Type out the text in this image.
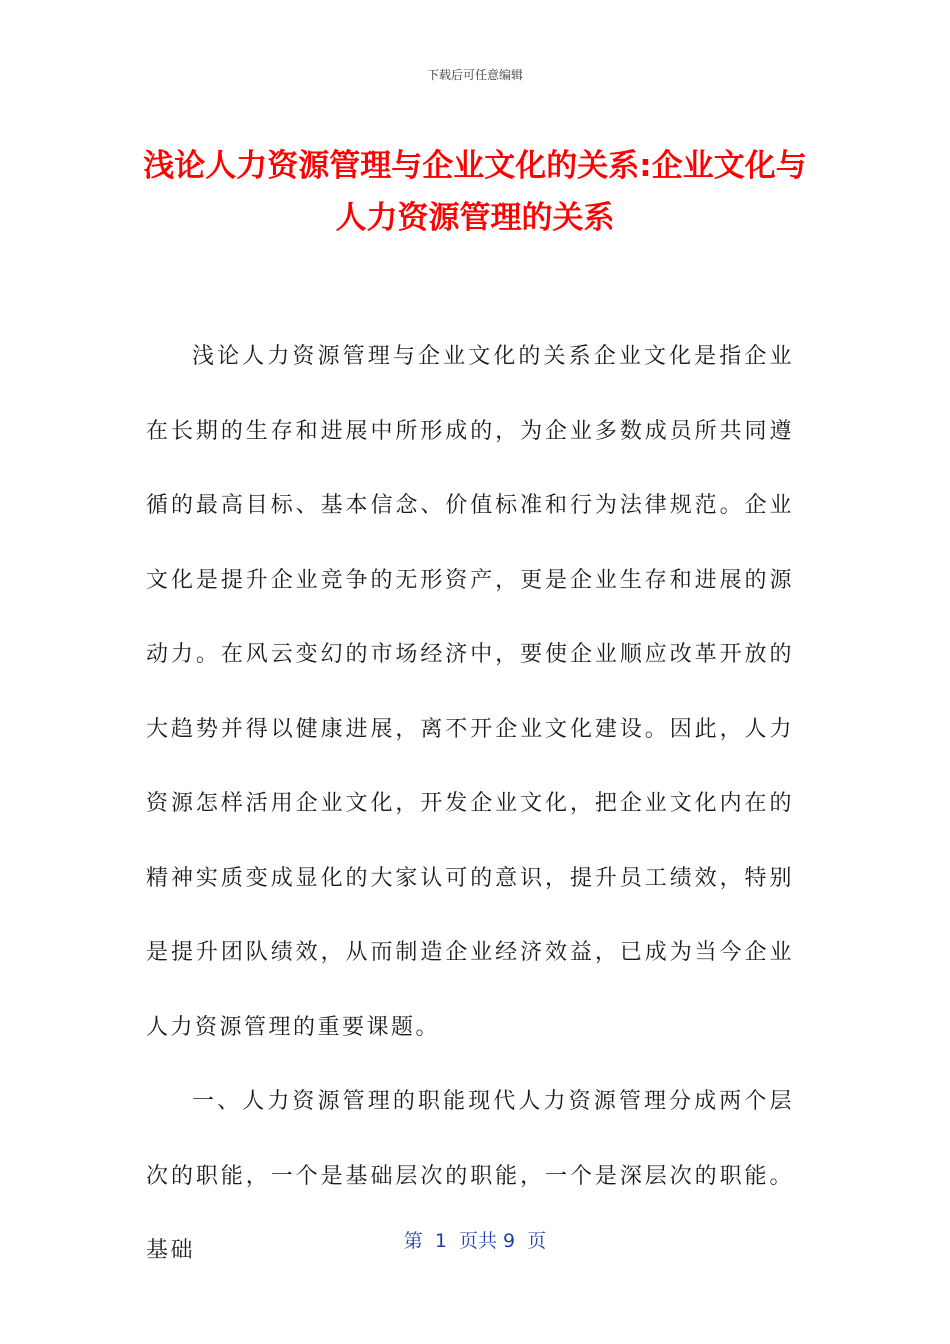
下载后可任意编辑
浅论人力资源管理与企业文化的关系:企业文化与人力资源管理的关系

浅论人力资源管理与企业文化的关系企业文化是指企业在长期的生存和进展中所形成的，为企业多数成员所共同遵循的最高目标、基本信念、价值标准和行为法律规范。企业文化是提升企业竞争的无形资产，更是企业生存和进展的源动力。在风云变幻的市场经济中，要使企业顺应改革开放的大趋势并得以健康进展，离不开企业文化建设。因此，人力资源怎样活用企业文化，开发企业文化，把企业文化内在的精神实质变成显化的大家认可的意识，提升员工绩效，特别是提升团队绩效，从而制造企业经济效益，已成为当今企业人力资源管理的重要课题。

一、人力资源管理的职能现代人力资源管理分成两个层次的职能，一个是基础层次的职能，一个是深层次的职能。基础	第  1  页共 9  页
